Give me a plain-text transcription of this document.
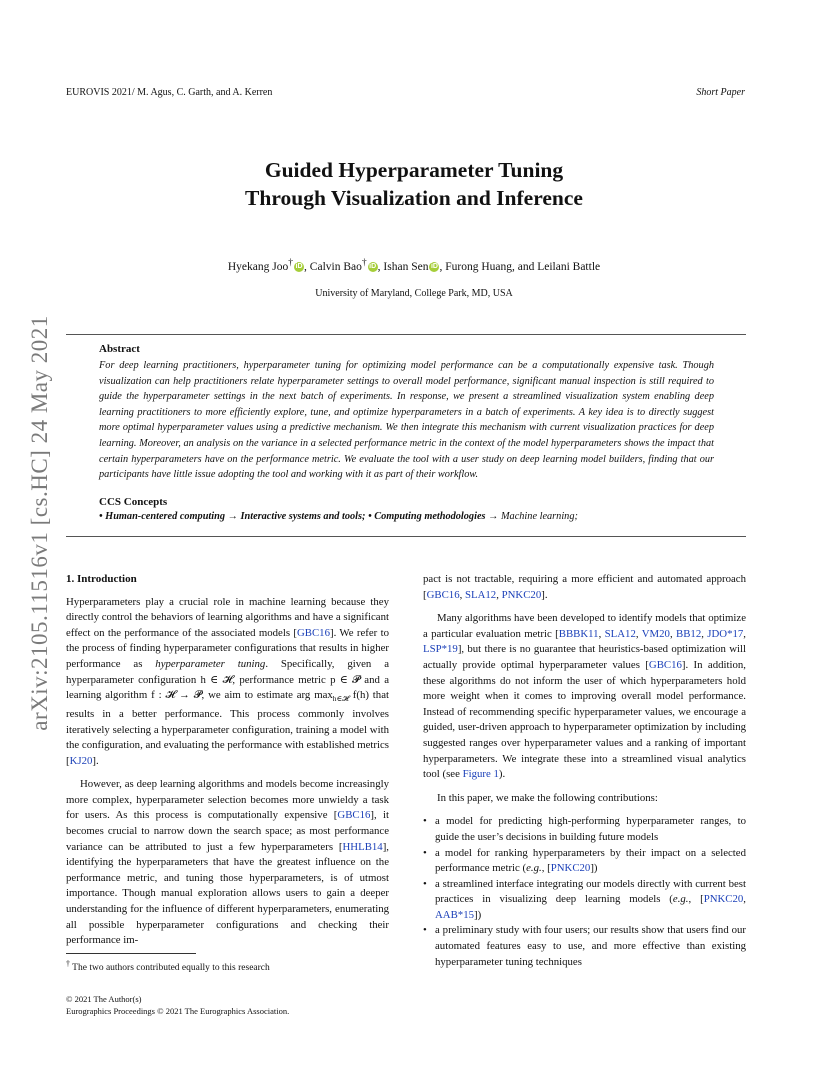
EUROVIS 2021/ M. Agus, C. Garth, and A. Kerren	Short Paper
arXiv:2105.11516v1 [cs.HC] 24 May 2021
Guided Hyperparameter Tuning
Through Visualization and Inference
Hyekang Joo† iD , Calvin Bao† iD , Ishan Sen iD , Furong Huang, and Leilani Battle
University of Maryland, College Park, MD, USA
Abstract
For deep learning practitioners, hyperparameter tuning for optimizing model performance can be a computationally expensive task. Though visualization can help practitioners relate hyperparameter settings to overall model performance, significant manual inspection is still required to guide the hyperparameter settings in the next batch of experiments. In response, we present a streamlined visualization system enabling deep learning practitioners to more efficiently explore, tune, and optimize hyperparameters in a batch of experiments. A key idea is to directly suggest more optimal hyperparameter values using a predictive mechanism. We then integrate this mechanism with current visualization practices for deep learning. Moreover, an analysis on the variance in a selected performance metric in the context of the model hyperparameters shows the impact that certain hyperparameters have on the performance metric. We evaluate the tool with a user study on deep learning model builders, finding that our participants have little issue adopting the tool and working with it as part of their workflow.
CCS Concepts
• Human-centered computing → Interactive systems and tools; • Computing methodologies → Machine learning;
1. Introduction

Hyperparameters play a crucial role in machine learning because they directly control the behaviors of learning algorithms and have a significant effect on the performance of the associated models [GBC16]. We refer to the process of finding hyperparameter configurations that results in higher performance as hyperparameter tuning. Specifically, given a hyperparameter configuration h ∈ 𝓗, performance metric p ∈ 𝓟 and a learning algorithm f : 𝓗 → 𝓟, we aim to estimate arg $\max_{h\in 𝓗} f(h)$ that results in a better performance. This process commonly involves iteratively selecting a hyperparameter configuration, training a model with the configuration, and evaluating the performance with established metrics [KJ20].

However, as deep learning algorithms and models become increasingly more complex, hyperparameter selection becomes more unwieldy a task for users. As this process is computationally expensive [GBC16], it becomes crucial to narrow down the search space; as most performance variance can be attributed to just a few hyperparameters [HHLB14], identifying the hyperparameters that have the greatest influence on the performance metric, and tuning those hyperparameters, is of utmost importance. Though manual exploration allows users to gain a deeper understanding for the influence of different hyperparameters, enumerating all possible hyperparameter configurations and checking their performance im-

pact is not tractable, requiring a more efficient and automated approach [GBC16, SLA12, PNKC20].

Many algorithms have been developed to identify models that optimize a particular evaluation metric [BBBK11, SLA12, VM20, BB12, JDO*17, LSP*19], but there is no guarantee that heuristics-based optimization will actually provide optimal hyperparameter values [GBC16]. In addition, these algorithms do not inform the user of which hyperparameters hold more weight when it comes to improving overall model performance. Instead of recommending specific hyperparameter values, we encourage a guided, user-driven approach to hyperparameter optimization by including suggested ranges over hyperparameter values and a ranking of important hyperparameters. We integrate these into a streamlined visual analytics tool (see Figure 1).

In this paper, we make the following contributions:

• a model for predicting high-performing hyperparameter ranges, to guide the user’s decisions in building future models
• a model for ranking hyperparameters by their impact on a selected performance metric (e.g., [PNKC20])
• a streamlined interface integrating our models directly with current best practices in visualizing deep learning models (e.g., [PNKC20, AAB*15])
• a preliminary study with four users; our results show that users find our automated features easy to use, and more effective than existing hyperparameter tuning techniques
† The two authors contributed equally to this research
© 2021 The Author(s)
Eurographics Proceedings © 2021 The Eurographics Association.
